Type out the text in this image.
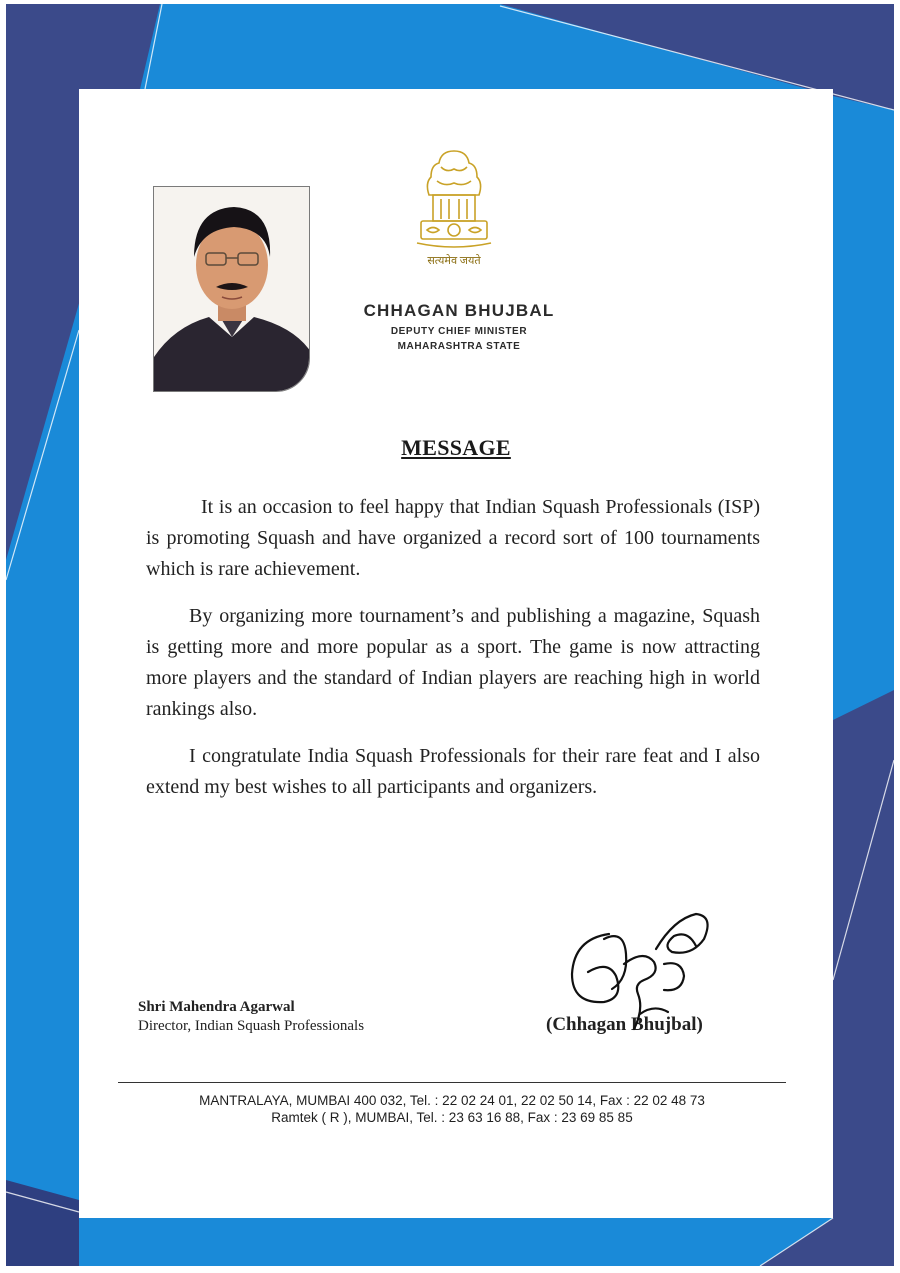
सत्यमेव जयते
CHHAGAN BHUJBAL
DEPUTY CHIEF MINISTER
MAHARASHTRA STATE
MESSAGE

It is an occasion to feel happy that Indian Squash Professionals (ISP) is promoting Squash and have organized a record sort of 100 tournaments which is rare achievement.

By organizing more tournament’s and publishing a magazine, Squash is getting more and more popular as a sport. The game is now attracting more players and the standard of Indian players are reaching high in world rankings also.

I congratulate India Squash Professionals for their rare feat and I also extend my best wishes to all participants and organizers.

Shri Mahendra Agarwal
Director, Indian Squash Professionals	(Chhagan Bhujbal)
MANTRALAYA, MUMBAI 400 032, Tel. : 22 02 24 01, 22 02 50 14, Fax : 22 02 48 73
Ramtek ( R ), MUMBAI, Tel. : 23 63 16 88, Fax : 23 69 85 85
